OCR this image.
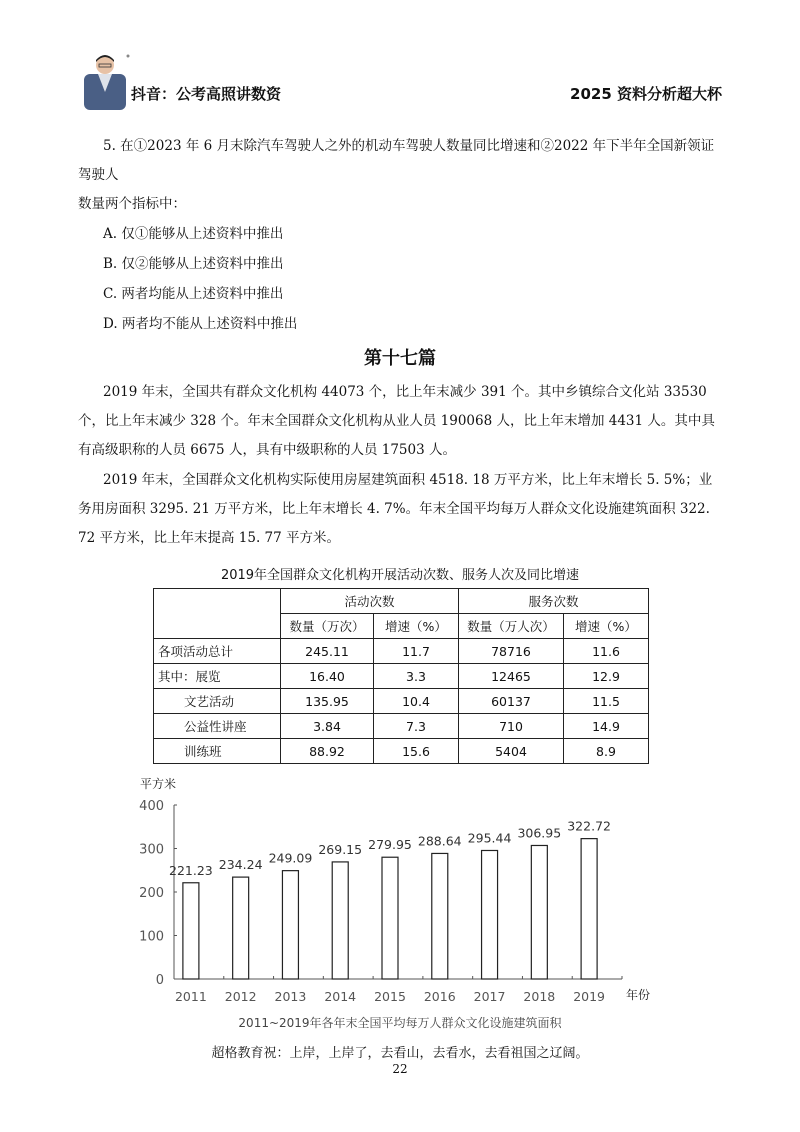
抖音：公考高照讲数资	2025 资料分析超大杯
5. 在①2023 年 6 月末除汽车驾驶人之外的机动车驾驶人数量同比增速和②2022 年下半年全国新领证驾驶人
数量两个指标中：
A. 仅①能够从上述资料中推出
B. 仅②能够从上述资料中推出
C. 两者均能从上述资料中推出
D. 两者均不能从上述资料中推出
第十七篇
2019 年末，全国共有群众文化机构 44073 个，比上年末减少 391 个。其中乡镇综合文化站 33530 个，比上年末减少 328 个。年末全国群众文化机构从业人员 190068 人，比上年末增加 4431 人。其中具有高级职称的人员 6675 人，具有中级职称的人员 17503 人。
2019 年末，全国群众文化机构实际使用房屋建筑面积 4518. 18 万平方米，比上年末增长 5. 5%；业务用房面积 3295. 21 万平方米，比上年末增长 4. 7%。年末全国平均每万人群众文化设施建筑面积 322. 72 平方米，比上年末提高 15. 77 平方米。
2019年全国群众文化机构开展活动次数、服务人次及同比增速
	活动次数		服务次数	
	数量（万次）	增速（%）	数量（万人次）	增速（%）
各项活动总计	245.11	11.7	78716	11.6
其中：展览	16.40	3.3	12465	12.9
文艺活动	135.95	10.4	60137	11.5
公益性讲座	3.84	7.3	710	14.9
训练班	88.92	15.6	5404	8.9
平方米
0
100
200
300
400
221.23
2011
234.24
2012
249.09
2013
269.15
2014
279.95
2015
288.64
2016
295.44
2017
306.95
2018
322.72
2019 年份
2011~2019年各年末全国平均每万人群众文化设施建筑面积
超格教育祝：上岸，上岸了，去看山，去看水，去看祖国之辽阔。
22
